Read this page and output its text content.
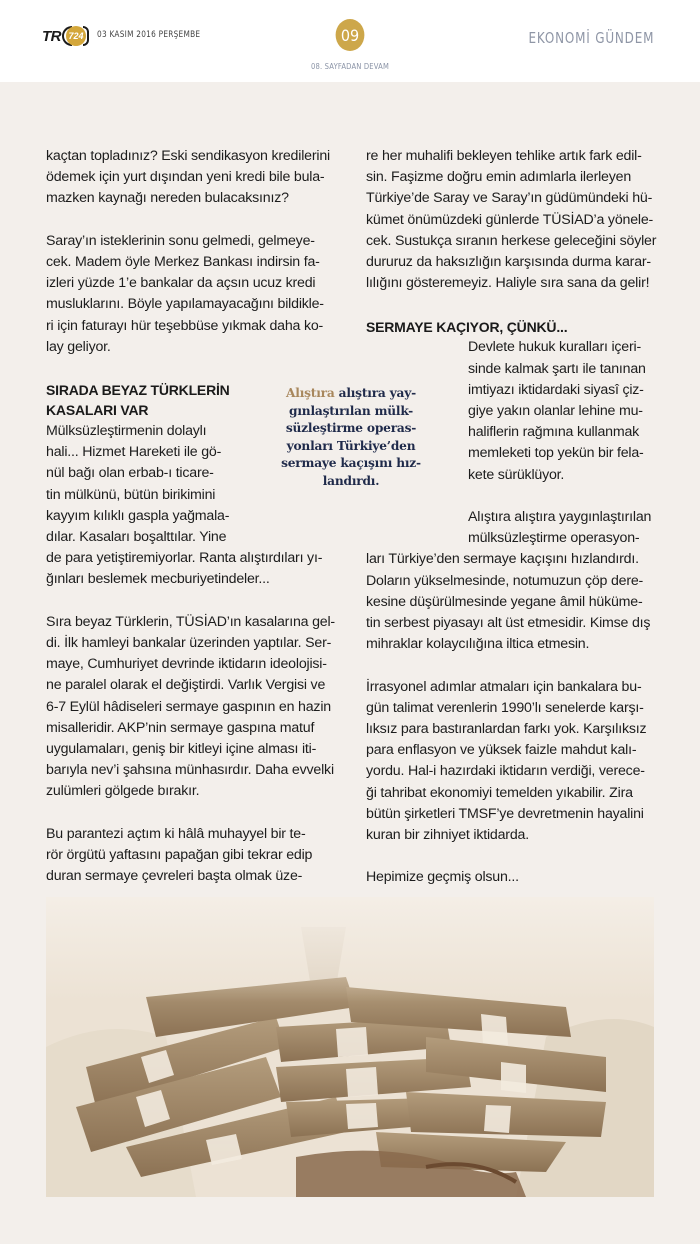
TR 724 03 KASIM 2016 PERŞEMBE	09
08. SAYFADAN DEVAM
EKONOMİ GÜNDEM

kaçtan topladınız? Eski sendikasyon kredilerini

ödemek için yurt dışından yeni kredi bile bula-

mazken kaynağı nereden bulacaksınız?

Saray’ın isteklerinin sonu gelmedi, gelmeye-

cek. Madem öyle Merkez Bankası indirsin fa-

izleri yüzde 1’e bankalar da açsın ucuz kredi

musluklarını. Böyle yapılamayacağını bildikle-

ri için faturayı hür teşebbüse yıkmak daha ko-

lay geliyor.

SIRADA BEYAZ TÜRKLERİN
KASALARI VAR

Mülksüzleştirmenin dolaylı

hali... Hizmet Hareketi ile gö-

nül bağı olan erbab-ı ticare-

tin mülkünü, bütün birikimini

kayyım kılıklı gaspla yağmala-

dılar. Kasaları boşalttılar. Yine

de para yetiştiremiyorlar. Ranta alıştırdıları yı-

ğınları beslemek mecburiyetindeler...

Sıra beyaz Türklerin, TÜSİAD’ın kasalarına gel-

di. İlk hamleyi bankalar üzerinden yaptılar. Ser-

maye, Cumhuriyet devrinde iktidarın ideolojisi-

ne paralel olarak el değiştirdi. Varlık Vergisi ve

6-7 Eylül hâdiseleri sermaye gaspının en hazin

misalleridir. AKP’nin sermaye gaspına matuf

uygulamaları, geniş bir kitleyi içine alması iti-

barıyla nev’i şahsına münhasırdır. Daha evvelki

zulümleri gölgede bırakır.

Bu parantezi açtım ki hâlâ muhayyel bir te-

rör örgütü yaftasını papağan gibi tekrar edip

duran sermaye çevreleri başta olmak üze-

Alıştıra alıştıra yay-
gınlaştırılan mülk-
süzleştirme operas-
yonları Türkiye’den
sermaye kaçışını hız-
landırdı.

re her muhalifi bekleyen tehlike artık fark edil-

sin. Faşizme doğru emin adımlarla ilerleyen

Türkiye’de Saray ve Saray’ın güdümündeki hü-

kümet önümüzdeki günlerde TÜSİAD’a yönele-

cek. Sustukça sıranın herkese geleceğini söyler

dururuz da haksızlığın karşısında durma karar-

lılığını gösteremeyiz. Haliyle sıra sana da gelir!

SERMAYE KAÇIYOR, ÇÜNKÜ...

Devlete hukuk kuralları içeri-

sinde kalmak şartı ile tanınan

imtiyazı iktidardaki siyasî çiz-

giye yakın olanlar lehine mu-

haliflerin rağmına kullanmak

memleketi top yekün bir fela-

kete sürüklüyor.

Alıştıra alıştıra yaygınlaştırılan

mülksüzleştirme operasyon-

ları Türkiye’den sermaye kaçışını hızlandırdı.

Doların yükselmesinde, notumuzun çöp dere-

kesine düşürülmesinde yegane âmil hüküme-

tin serbest piyasayı alt üst etmesidir. Kimse dış

mihraklar kolaycılığına iltica etmesin.

İrrasyonel adımlar atmaları için bankalara bu-

gün talimat verenlerin 1990’lı senelerde karşı-

lıksız para bastıranlardan farkı yok. Karşılıksız

para enflasyon ve yüksek faizle mahdut kalı-

yordu. Hal-i hazırdaki iktidarın verdiği, verece-

ği tahribat ekonomiyi temelden yıkabilir. Zira

bütün şirketleri TMSF’ye devretmenin hayalini

kuran bir zihniyet iktidarda.

Hepimize geçmiş olsun...
